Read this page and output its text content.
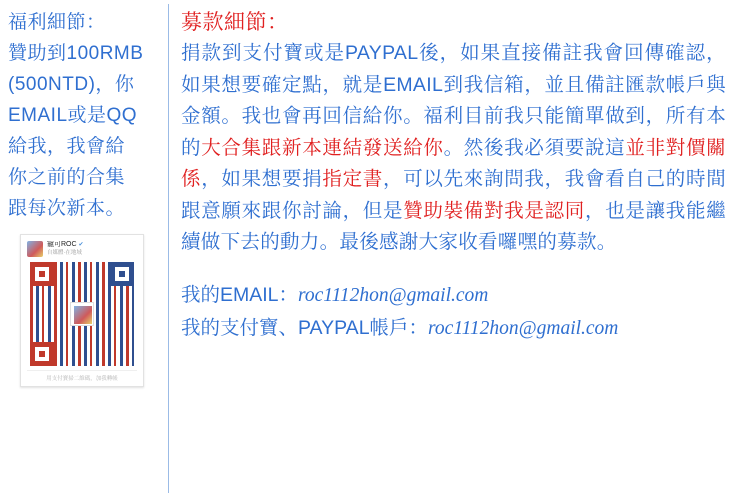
福利細節：
贊助到100RMB
(500NTD)，你
EMAIL或是QQ
給我，我會給
你之前的合集
跟每次新本。
寵可ROC ✔
自媒體·在地域
用支付寶掃二維碼，加我轉帳
募款細節：
捐款到支付寶或是PAYPAL後，如果直接備註我會回傳確認，如果想要確定點，就是EMAIL到我信箱，並且備註匯款帳戶與金額。我也會再回信給你。福利目前我只能簡單做到，所有本的大合集跟新本連結發送給你。然後我必須要說這並非對價關係，如果想要捐指定書，可以先來詢問我，我會看自己的時間跟意願來跟你討論，但是贊助裝備對我是認同，也是讓我能繼續做下去的動力。最後感謝大家收看囉嘿的募款。
我的EMAIL：roc1112hon@gmail.com
我的支付寶、PAYPAL帳戶：roc1112hon@gmail.com
